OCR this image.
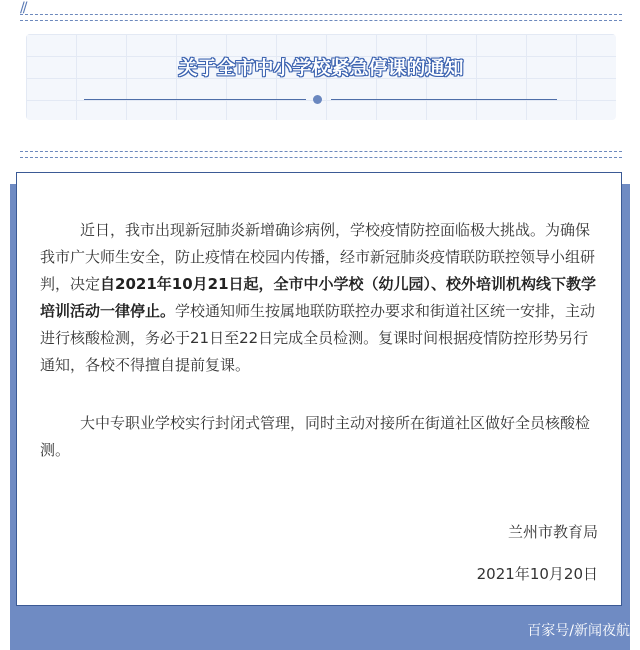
//
关于全市中小学校紧急停课的通知

近日，我市出现新冠肺炎新增确诊病例，学校疫情防控面临极大挑战。为确保我市广大师生安全，防止疫情在校园内传播，经市新冠肺炎疫情联防联控领导小组研判，决定自2021年10月21日起，全市中小学校（幼儿园）、校外培训机构线下教学培训活动一律停止。学校通知师生按属地联防联控办要求和街道社区统一安排，主动进行核酸检测，务必于21日至22日完成全员检测。复课时间根据疫情防控形势另行通知，各校不得擅自提前复课。

大中专职业学校实行封闭式管理，同时主动对接所在街道社区做好全员核酸检测。

兰州市教育局
2021年10月20日
百家号/新闻夜航
